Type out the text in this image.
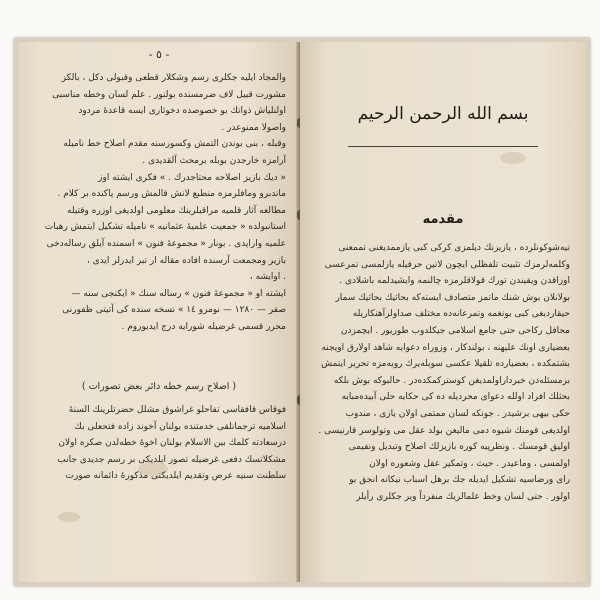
- ٥ -
والمجاد ایلیه جکلری رسم وشکلار قطعی وقبولی دکل ، بالکز
مشورت قبیل لاف ضرمسنده بولنور . علم لسان وخطه مناسبی
اولنلیاش ذواتك بو خصوصده دخوثاری ایسه قاعدهٔ مردود
واصولا ممنوعدر .
وقبله ، بنی بوندن التمش وکسورسنه مقدم اصلاح خط نامیله
آرامزه خارجدن بوبله برمحث آلقدیدی .
« ديك بازيز اصلاحه محتاجدرك . » فكرى ايشته اوز
ماندبرو ومافلرمزه منطبع لانش قالمش ورسم پاكنده بر كلام .
مطالعه آثار قلمیه مراقیلرینك معلومی اولدیغی اوزره وقتیله
استانبولده « جمعیت علمیهٔ عثمانیه » نامیله تشکیل ایتمش رهبات
علمیه واراپدی . بونار « مجموعهٔ فنون » اسمنده آیلق رساله‌دخی
بازیر ومجمعت آرسنده افاده مقاله ار تبر ایدرلر ایدی ،
. اوایشه ،
ایشته او « مجموعهٔ فنون » رساله سنك « ایکنجی سنه —
صفر — ١٢٨٠ — نومرو ١٤ » نسخه سنده کی آتیتی ظفورنی
محرر قسمی غرضیله شورایه درج ایدیوروم .
( اصلاح رسم خطه دائر بعض تصورات )
فوقاس قافقاسی تفاحلو غراشوق مشلل حضرتلرینك السنهٔ
اسلامیه ترجمانلقی خدمتنده بولنان آخوند زاده فتحعلی بك
درسعادته کلمك بین الاسلام بولنان اخوهٔ خطه‌لدن صکره اولان
مشکلاتسك دفعی غرضیله تصور ایلدیکی بر رسم جدیدی جانب
سلطنت سنیه عرض وتقدیم ایلدیکنی مذکورهٔ دائمانه صورت
بسم الله الرحمن الرحيم
مقدمه
نیه‌شوکونلرده ، یازیزنك دیلمزی کرکی كبی یازممدیغنی تممعنی
وکلمه‌لرمزك تثبيت تلفظلی ايچون لاتين حرفيله یازلمسی تمرعسی
اوزاقدن ويقيندن تورك قولاقلرمزه چالنمه وايشيدلمه باشلادی .
بولانلان بوش شنك ماتمز متصادف ايسته‌كه بحاثيك بحاثيك سمار
حيقارديغی كبی بونغمه وتمرعانه‌ده مختلف صداولرآهنكاريله
محافل ركاحی حتی جامع اسلامی جيكلدوب طوريور . ايچمزدن
بعضيارى اونك عليهنه ، بولندكار ، وزوراه دعوايه شاهد اولارق اويجنه
بشتمكده ، بعضيارده تلقيلا عكسی سوبله‌يرك رويه‌مزه تحرير ايتمش
برمسئله‌دن خبرداراولمديغن کوستركمكده‌در . حالبوكه بوش بلكه
بحثلك افراد اولله دعوای محرديله ده کی حكايه حلی آبيده‌مبابه
حكی بيهی برشيدر . جونكه لسان ممتمی اولان يازی ، مندوب
اولديغی قومنك شيوه دمی ماليغن بولد عقل مى وتولوسر قارنيسی .
اوليق قومسك . ونظرپيه كوره بازيزلك اصلاح وتبديل ونفيمى
اولمسی ، وماعيدر . حيث ، وتمكير عقل وشعوره اولان
راى ورضاسيه تشكيل ايديله جك برهل اسباب نيكانه انجق بو
اولور . حتی لسان وخط علمالريك منفرداً وير جكلری رأيلر
